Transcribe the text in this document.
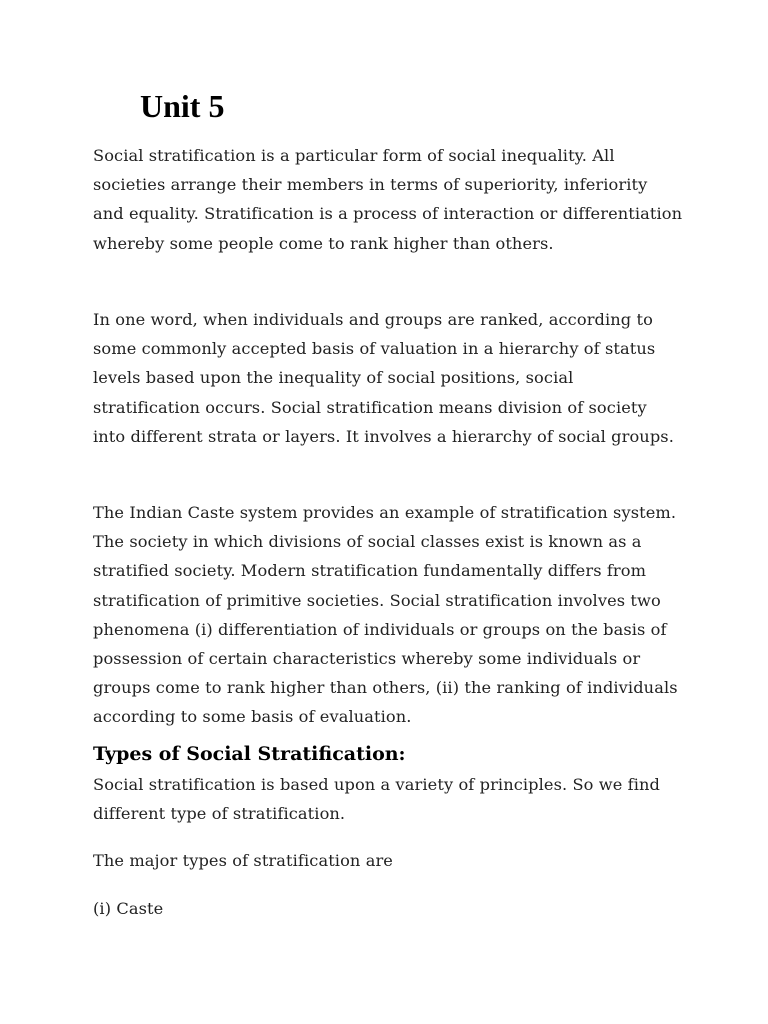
Unit 5

Social stratification is a particular form of social inequality. All societies arrange their members in terms of superiority, inferiority and equality. Stratification is a process of interaction or differentiation whereby some people come to rank higher than others.

In one word, when individuals and groups are ranked, according to some commonly accepted basis of valuation in a hierarchy of status levels based upon the inequality of social positions, social stratification occurs. Social stratification means division of society into different strata or layers. It involves a hierarchy of social groups.

The Indian Caste system provides an example of stratification system. The society in which divisions of social classes exist is known as a stratified society. Modern stratification fundamentally differs from stratification of primitive societies. Social stratification involves two phenomena (i) differentiation of individuals or groups on the basis of possession of certain characteristics whereby some individuals or groups come to rank higher than others, (ii) the ranking of individuals according to some basis of evaluation.

Types of Social Stratification:

Social stratification is based upon a variety of principles. So we find different type of stratification.

The major types of stratification are

(i) Caste
